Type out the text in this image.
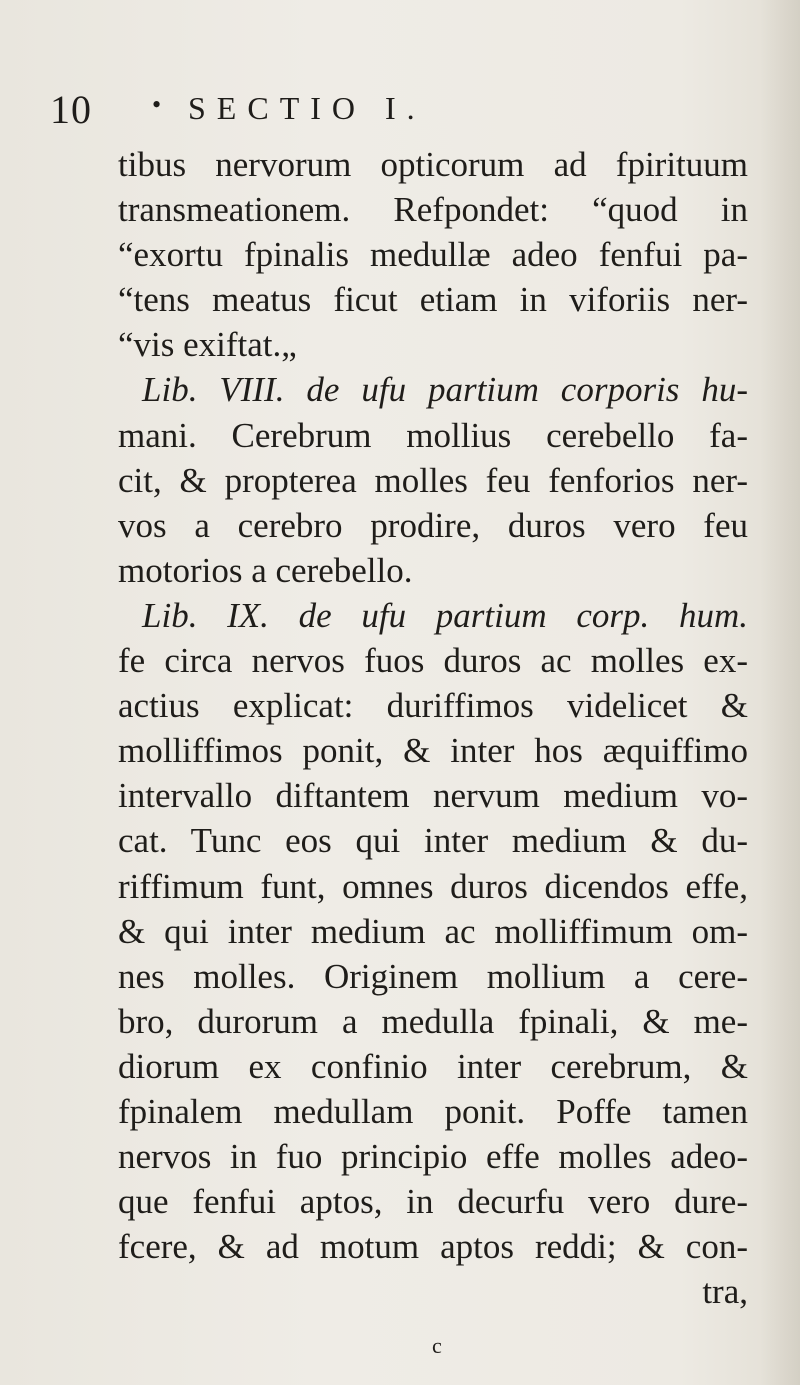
10 • SECTIO I.
tibus nervorum opticorum ad fpirituum
transmeationem. Refpondet: “quod in
“exortu fpinalis medullæ adeo fenfui pa-
“tens meatus ficut etiam in viforiis ner-
“vis exiftat.„
Lib. VIII. de ufu partium corporis hu-
mani. Cerebrum mollius cerebello fa-
cit, & propterea molles feu fenforios ner-
vos a cerebro prodire, duros vero feu
motorios a cerebello.
Lib. IX. de ufu partium corp. hum.
fe circa nervos fuos duros ac molles ex-
actius explicat: duriffimos videlicet &
molliffimos ponit, & inter hos æquiffimo
intervallo diftantem nervum medium vo-
cat. Tunc eos qui inter medium & du-
riffimum funt, omnes duros dicendos effe,
& qui inter medium ac molliffimum om-
nes molles. Originem mollium a cere-
bro, durorum a medulla fpinali, & me-
diorum ex confinio inter cerebrum, &
fpinalem medullam ponit. Poffe tamen
nervos in fuo principio effe molles adeo-
que fenfui aptos, in decurfu vero dure-
fcere, & ad motum aptos reddi; & con-
tra,
c
